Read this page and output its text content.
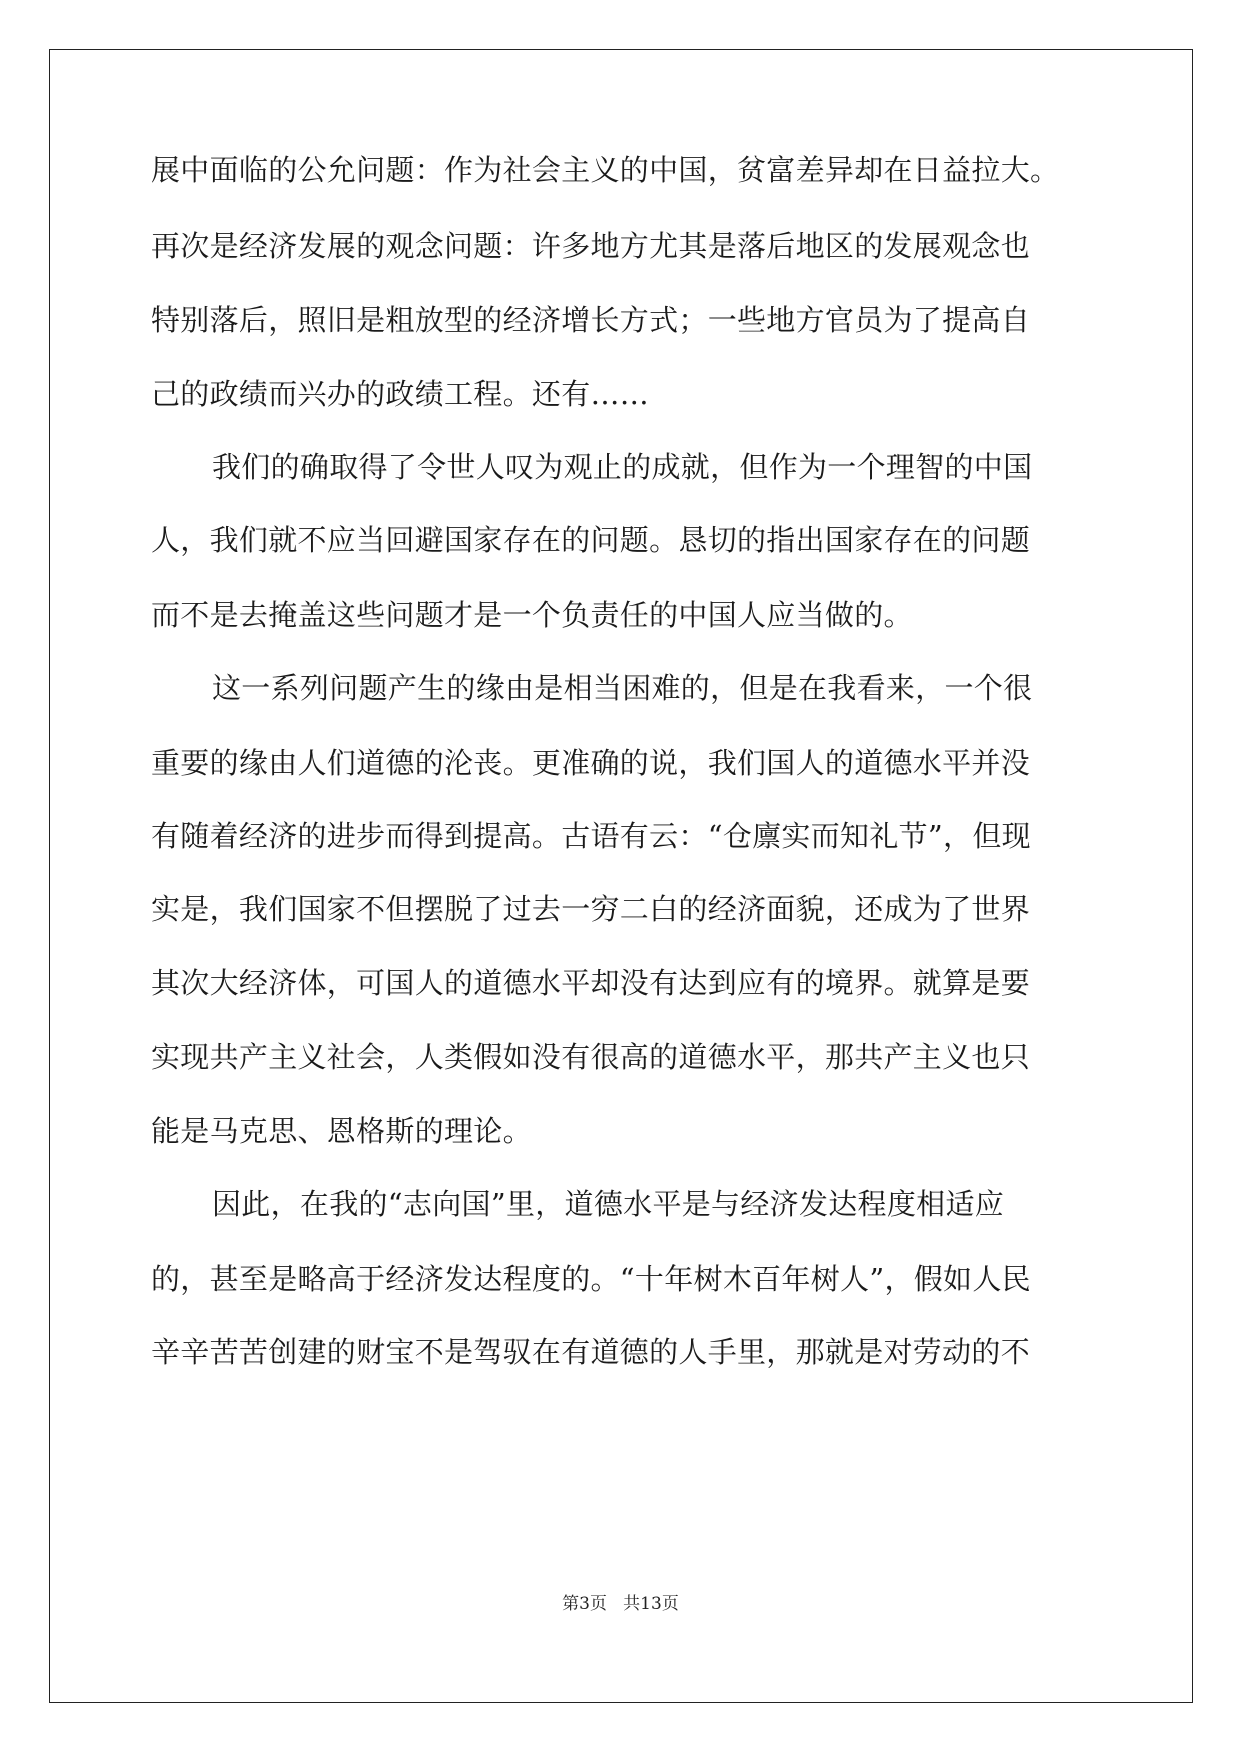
展中面临的公允问题：作为社会主义的中国，贫富差异却在日益拉大。
再次是经济发展的观念问题：许多地方尤其是落后地区的发展观念也
特别落后，照旧是粗放型的经济增长方式；一些地方官员为了提高自
己的政绩而兴办的政绩工程。还有……
我们的确取得了令世人叹为观止的成就，但作为一个理智的中国
人，我们就不应当回避国家存在的问题。恳切的指出国家存在的问题
而不是去掩盖这些问题才是一个负责任的中国人应当做的。
这一系列问题产生的缘由是相当困难的，但是在我看来，一个很
重要的缘由人们道德的沦丧。更准确的说，我们国人的道德水平并没
有随着经济的进步而得到提高。古语有云：“仓廪实而知礼节”，但现
实是，我们国家不但摆脱了过去一穷二白的经济面貌，还成为了世界
其次大经济体，可国人的道德水平却没有达到应有的境界。就算是要
实现共产主义社会，人类假如没有很高的道德水平，那共产主义也只
能是马克思、恩格斯的理论。
因此，在我的“志向国”里，道德水平是与经济发达程度相适应
的，甚至是略高于经济发达程度的。“十年树木百年树人”，假如人民
辛辛苦苦创建的财宝不是驾驭在有道德的人手里，那就是对劳动的不
第3页   共13页
